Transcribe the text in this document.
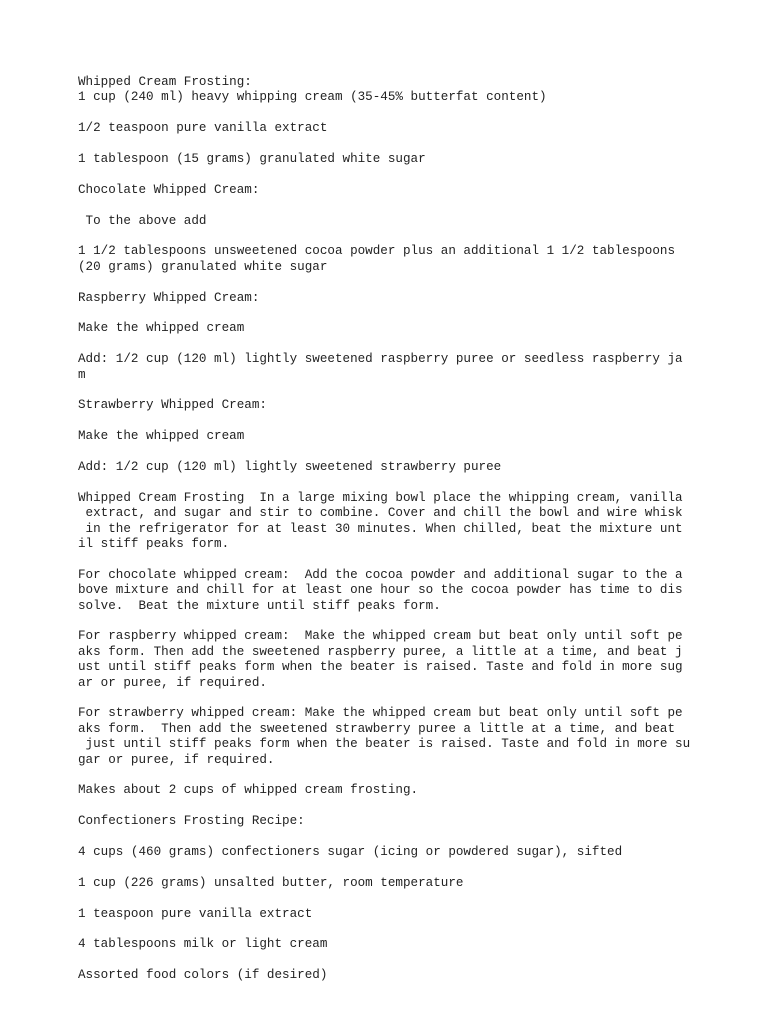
Whipped Cream Frosting:
1 cup (240 ml) heavy whipping cream (35-45% butterfat content)
1/2 teaspoon pure vanilla extract
1 tablespoon (15 grams) granulated white sugar
Chocolate Whipped Cream:
To the above add
1 1/2 tablespoons unsweetened cocoa powder plus an additional 1 1/2 tablespoons
(20 grams) granulated white sugar
Raspberry Whipped Cream:
Make the whipped cream
Add: 1/2 cup (120 ml) lightly sweetened raspberry puree or seedless raspberry ja
m
Strawberry Whipped Cream:
Make the whipped cream
Add: 1/2 cup (120 ml) lightly sweetened strawberry puree
Whipped Cream Frosting  In a large mixing bowl place the whipping cream, vanilla
extract, and sugar and stir to combine. Cover and chill the bowl and wire whisk
in the refrigerator for at least 30 minutes. When chilled, beat the mixture unt
il stiff peaks form.
For chocolate whipped cream:  Add the cocoa powder and additional sugar to the a
bove mixture and chill for at least one hour so the cocoa powder has time to dis
solve.  Beat the mixture until stiff peaks form.
For raspberry whipped cream:  Make the whipped cream but beat only until soft pe
aks form. Then add the sweetened raspberry puree, a little at a time, and beat j
ust until stiff peaks form when the beater is raised. Taste and fold in more sug
ar or puree, if required.
For strawberry whipped cream: Make the whipped cream but beat only until soft pe
aks form.  Then add the sweetened strawberry puree a little at a time, and beat
just until stiff peaks form when the beater is raised. Taste and fold in more su
gar or puree, if required.
Makes about 2 cups of whipped cream frosting.
Confectioners Frosting Recipe:
4 cups (460 grams) confectioners sugar (icing or powdered sugar), sifted
1 cup (226 grams) unsalted butter, room temperature
1 teaspoon pure vanilla extract
4 tablespoons milk or light cream
Assorted food colors (if desired)
